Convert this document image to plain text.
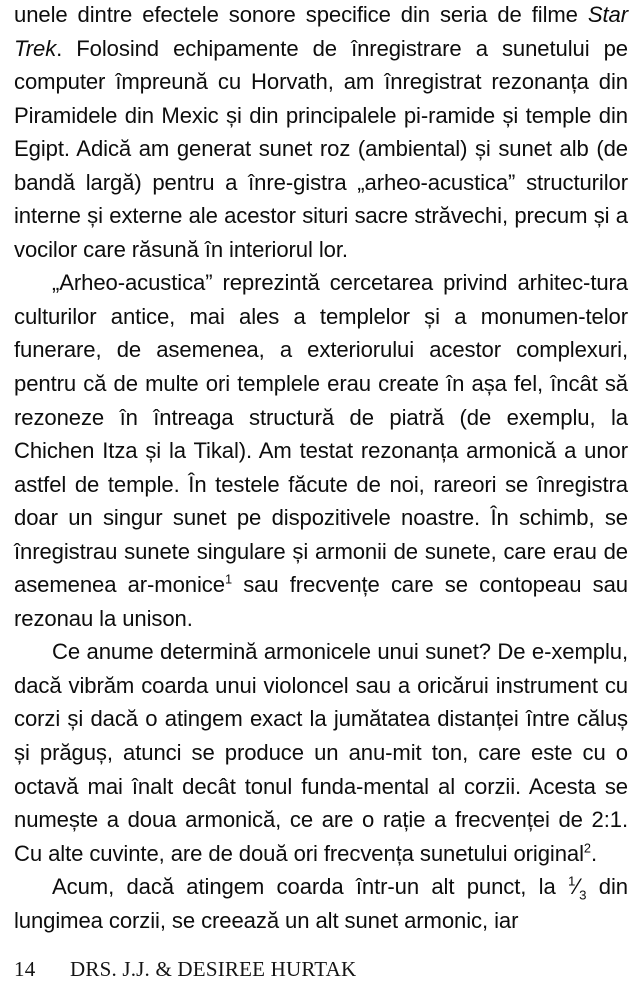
unele dintre efectele sonore specifice din seria de filme Star Trek. Folosind echipamente de înregistrare a sunetului pe computer împreună cu Horvath, am înregistrat rezonanța din Piramidele din Mexic și din principalele pi-ramide și temple din Egipt. Adică am generat sunet roz (ambiental) și sunet alb (de bandă largă) pentru a înre-gistra „arheo-acustica” structurilor interne și externe ale acestor situri sacre străvechi, precum și a vocilor care răsună în interiorul lor.

„Arheo-acustica” reprezintă cercetarea privind arhitec-tura culturilor antice, mai ales a templelor și a monumen-telor funerare, de asemenea, a exteriorului acestor complexuri, pentru că de multe ori templele erau create în așa fel, încât să rezoneze în întreaga structură de piatră (de exemplu, la Chichen Itza și la Tikal). Am testat rezonanța armonică a unor astfel de temple. În testele făcute de noi, rareori se înregistra doar un singur sunet pe dispozitivele noastre. În schimb, se înregistrau sunete singulare și armonii de sunete, care erau de asemenea ar-monice$^1$ sau frecvențe care se contopeau sau rezonau la unison.

Ce anume determină armonicele unui sunet? De e-xemplu, dacă vibrăm coarda unui violoncel sau a oricărui instrument cu corzi și dacă o atingem exact la jumătatea distanței între căluș și prăguș, atunci se produce un anu-mit ton, care este cu o octavă mai înalt decât tonul funda-mental al corzii. Acesta se numește a doua armonică, ce are o rație a frecvenței de 2:1. Cu alte cuvinte, are de două ori frecvența sunetului original$^2$.

Acum, dacă atingem coarda într-un alt punct, la $^1⁄_3$ din lungimea corzii, se creează un alt sunet armonic, iar

14 DRS. J.J. & DESIREE HURTAK
